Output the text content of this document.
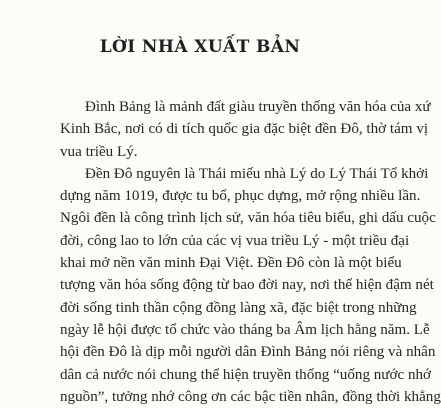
LỜI NHÀ XUẤT BẢN

Đình Bảng là mảnh đất giàu truyền thống văn hóa của xứ
Kinh Bắc, nơi có di tích quốc gia đặc biệt đền Đô, thờ tám vị
vua triều Lý.

Đền Đô nguyên là Thái miếu nhà Lý do Lý Thái Tổ khởi
dựng năm 1019, được tu bổ, phục dựng, mở rộng nhiều lần.
Ngôi đền là công trình lịch sử, văn hóa tiêu biểu, ghi dấu cuộc
đời, công lao to lớn của các vị vua triều Lý - một triều đại
khai mở nền văn minh Đại Việt. Đền Đô còn là một biểu
tượng văn hóa sống động từ bao đời nay, nơi thể hiện đậm nét
đời sống tinh thần cộng đồng làng xã, đặc biệt trong những
ngày lễ hội được tổ chức vào tháng ba Âm lịch hằng năm. Lễ
hội đền Đô là dịp mỗi người dân Đình Bảng nói riêng và nhân
dân cả nước nói chung thể hiện truyền thống “uống nước nhớ
nguồn”, tưởng nhớ công ơn các bậc tiền nhân, đồng thời khẳng
